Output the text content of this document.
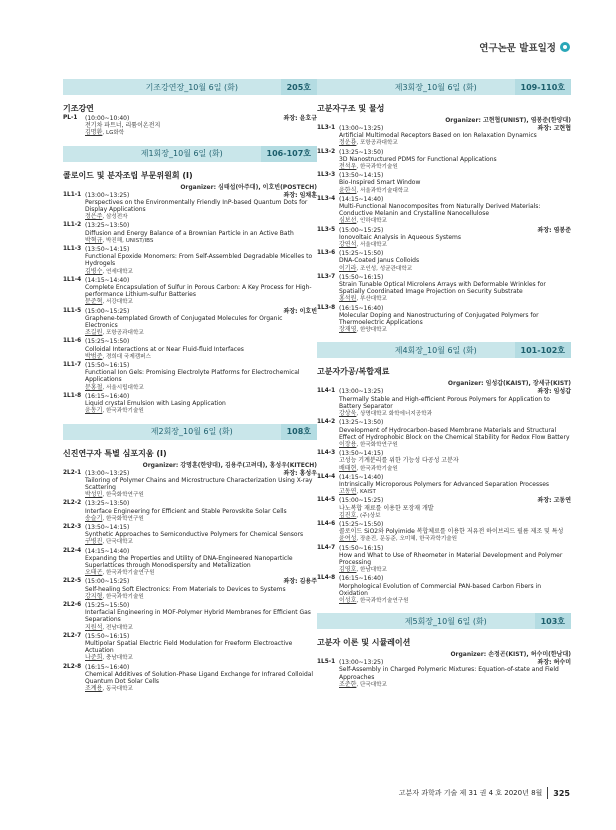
연구논문 발표일정
기조강연장_10월 6일 (화)	205호
기조강연
PL-1	(10:00~10:40)	좌장: 윤호규
전기차 파트너, 리튬이온전지
김명환, LG화학
제1회장_10월 6일 (화)	106-107호
콜로이드 및 분자조립 부문위원회 (I)
Organizer: 심태섭(아주대), 이호빈(POSTECH)
1L1-1 (13:00~13:25)	좌장: 임채훈
Perspectives on the Environmentally Friendly InP-based Quantum Dots for Display Applications
정은주, 삼성전자
1L1-2 (13:25~13:50)
Diffusion and Energy Balance of a Brownian Particle in an Active Bath
박혁규, 박진해, UNIST/IBS
1L1-3 (13:50~14:15)
Functional Epoxide Monomers: From Self-Assembled Degradable Micelles to Hydrogels
김병수, 연세대학교
1L1-4 (14:15~14:40)
Complete Encapsulation of Sulfur in Porous Carbon: A Key Process for High-performance Lithium-sulfur Batteries
문준혁, 서강대학교
1L1-5 (15:00~15:25)	좌장: 이호빈
Graphene-templated Growth of Conjugated Molecules for Organic Electronics
조길원, 포항공과대학교
1L1-6 (15:25~15:50)
Colloidal Interactions at or Near Fluid-fluid Interfaces
박범준, 경희대 국제캠퍼스
1L1-7 (15:50~16:15)
Functional Ion Gels: Promising Electrolyte Platforms for Electrochemical Applications
문홍철, 서울시립대학교
1L1-8 (16:15~16:40)
Liquid crystal Emulsion with Lasing Application
윤동기, 한국과학기술원
제2회장_10월 6일 (화)	108호
신진연구자 특별 심포지움 (I)
Organizer: 강명훈(한양대), 김용주(고려대), 홍성우(KITECH)
2L2-1 (13:00~13:25)	좌장: 홍성우
Tailoring of Polymer Chains and Microstructure Characterization Using X-ray Scattering
박성민, 한국화학연구원
2L2-2 (13:25~13:50)
Interface Engineering for Efficient and Stable Perovskite Solar Cells
송슬기, 한국화학연구원
2L2-3 (13:50~14:15)
Synthetic Approaches to Semiconductive Polymers for Chemical Sensors
구병진, 단국대학교
2L2-4 (14:15~14:40)
Expanding the Properties and Utility of DNA-Engineered Nanoparticle Superlattices through Monodispersity and Metallization
오태곤, 한국과학기술연구원
2L2-5 (15:00~15:25)	좌장: 김용주
Self-healing Soft Electronics: From Materials to Devices to Systems
강지형, 한국과학기술원
2L2-6 (15:25~15:50)
Interfacial Engineering in MOF-Polymer Hybrid Membranes for Efficient Gas Separations
지원석, 전남대학교
2L2-7 (15:50~16:15)
Multipolar Spatial Electric Field Modulation for Freeform Electroactive Actuation
나준희, 충남대학교
2L2-8 (16:15~16:40)
Chemical Additives of Solution-Phase Ligand Exchange for Infrared Colloidal Quantum Dot Solar Cells
조계용, 동국대학교
제3회장_10월 6일 (화)	109-110호
고분자구조 및 물성
Organizer: 고현협(UNIST), 염봉준(한양대)
1L3-1 (13:00~13:25)	좌장: 고현협
Artificial Multimodal Receptors Based on Ion Relaxation Dynamics
정운룡, 포항공과대학교
1L3-2 (13:25~13:50)
3D Nanostructured PDMS for Functional Applications
전석우, 한국과학기술원
1L3-3 (13:50~14:15)
Bio-Inspired Smart Window
윤한식, 서울과학기술대학교
1L3-4 (14:15~14:40)
Multi-Functional Nanocomposites from Naturally Derived Materials: Conductive Melanin and Crystalline Nanocellulose
심보선, 인하대학교
1L3-5 (15:00~15:25)	좌장: 염봉준
Ionovoltaic Analysis in Aqueous Systems
강연석, 서울대학교
1L3-6 (15:25~15:50)
DNA-Coated Janus Colloids
이기라, 조인성, 성균관대학교
1L3-7 (15:50~16:15)
Strain Tunable Optical Microlens Arrays with Deformable Wrinkles for Spatially Coordinated Image Projection on Security Substrate
홍석원, 부산대학교
1L3-8 (16:15~16:40)
Molecular Doping and Nanostructuring of Conjugated Polymers for Thermoelectric Applications
장재영, 한양대학교
제4회장_10월 6일 (화)	101-102호
고분자가공/복합재료
Organizer: 임성갑(KAIST), 장세규(KIST)
1L4-1 (13:00~13:25)	좌장: 임성갑
Thermally Stable and High-efficient Porous Polymers for Application to Battery Separator
강상욱, 상명대학교 화학에너지공학과
1L4-2 (13:25~13:50)
Development of Hydrocarbon-based Membrane Materials and Structural Effect of Hydrophobic Block on the Chemical Stability for Redox Flow Battery
이장용, 한국화학연구원
1L4-3 (13:50~14:15)
고성능 기계분리를 위한 기능성 다공성 고분자
배태현, 한국과학기술원
1L4-4 (14:15~14:40)
Intrinsically Microporous Polymers for Advanced Separation Processes
고동연, KAIST
1L4-5 (15:00~15:25)	좌장: 고동연
나노복합 재료를 이용한 포장재 개발
김진호, (주)상보
1L4-6 (15:25~15:50)
콜로이드 SiO2와 Polyimide 복합체료를 이용한 저유전 하이브리드 필름 제조 및 특성
윤여성, 장춘진, 문동준, 오미혜, 한국과학기술원
1L4-7 (15:50~16:15)
How and What to Use of Rheometer in Material Development and Polymer Processing
김영호, 한남대학교
1L4-8 (16:15~16:40)
Morphological Evolution of Commercial PAN-based Carbon Fibers in Oxidation
이성호, 한국과학기술연구원
제5회장_10월 6일 (화)	103호
고분자 이론 및 시뮬레이션
Organizer: 손정곤(KIST), 허수미(한남대)
1L5-1 (13:00~13:25)	좌장: 허수미
Self-Assembly in Charged Polymeric Mixtures: Equation-of-state and Field Approaches
조준한, 단국대학교
고분자 과학과 기술 제 31 권 4 호 2020년 8월 325
